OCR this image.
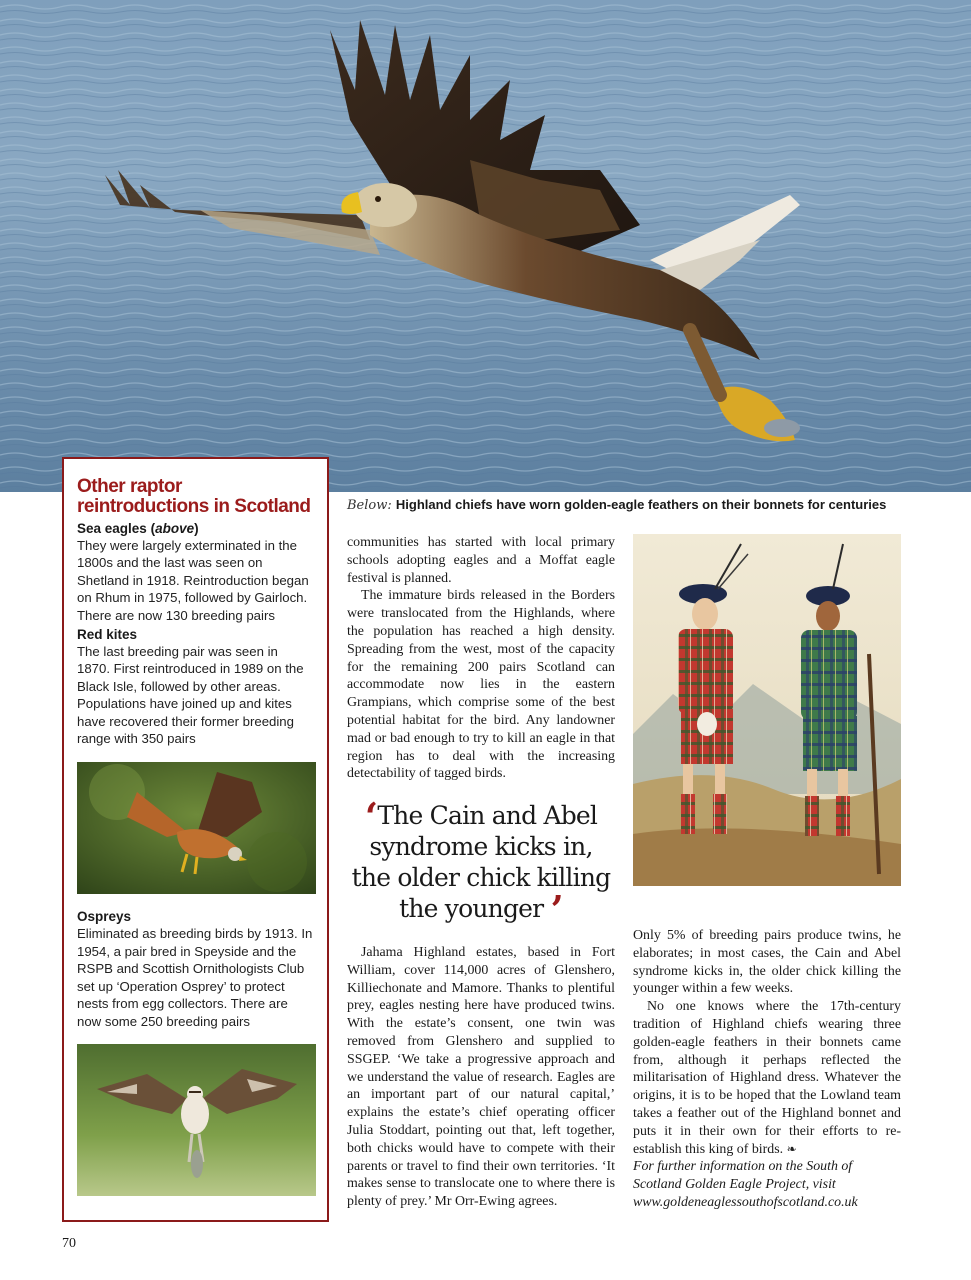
Other raptor reintroductions in Scotland
Sea eagles (above)

They were largely exterminated in the 1800s and the last was seen on Shetland in 1918. Reintroduction began on Rhum in 1975, followed by Gairloch. There are now 130 breeding pairs

Red kites

The last breeding pair was seen in 1870. First reintroduced in 1989 on the Black Isle, followed by other areas. Populations have joined up and kites have recovered their former breeding range with 350 pairs

Ospreys

Eliminated as breeding birds by 1913. In 1954, a pair bred in Speyside and the RSPB and Scottish Ornithologists Club set up ‘Operation Osprey’ to protect nests from egg collectors. There are now some 250 breeding pairs

Below: Highland chiefs have worn golden-eagle feathers on their bonnets for centuries

communities has started with local primary schools adopting eagles and a Moffat eagle festival is planned.

The immature birds released in the Borders were translocated from the Highlands, where the population has reached a high density. Spreading from the west, most of the capacity for the remaining 200 pairs Scotland can accommodate now lies in the eastern Grampians, which comprise some of the best potential habitat for the bird. Any landowner mad or bad enough to try to kill an eagle in that region has to deal with the increasing detectability of tagged birds.

‘The Cain and Abel syndrome kicks in, the older chick killing the younger ’

Jahama Highland estates, based in Fort William, cover 114,000 acres of Glenshero, Killiechonate and Mamore. Thanks to plentiful prey, eagles nesting here have produced twins. With the estate’s consent, one twin was removed from Glenshero and supplied to SSGEP. ‘We take a progressive approach and we understand the value of research. Eagles are an important part of our natural capital,’ explains the estate’s chief operating officer Julia Stoddart, pointing out that, left together, both chicks would have to compete with their parents or travel to find their own territories. ‘It makes sense to translocate one to where there is plenty of prey.’ Mr Orr-Ewing agrees.

Only 5% of breeding pairs produce twins, he elaborates; in most cases, the Cain and Abel syndrome kicks in, the older chick killing the younger within a few weeks.

No one knows where the 17th-century tradition of Highland chiefs wearing three golden-eagle feathers in their bonnets came from, although it perhaps reflected the militarisation of Highland dress. Whatever the origins, it is to be hoped that the Lowland team takes a feather out of the Highland bonnet and puts it in their own for their efforts to re-establish this king of birds. ❧

For further information on the South of Scotland Golden Eagle Project, visit www.goldeneaglessouthofscotland.co.uk

70
